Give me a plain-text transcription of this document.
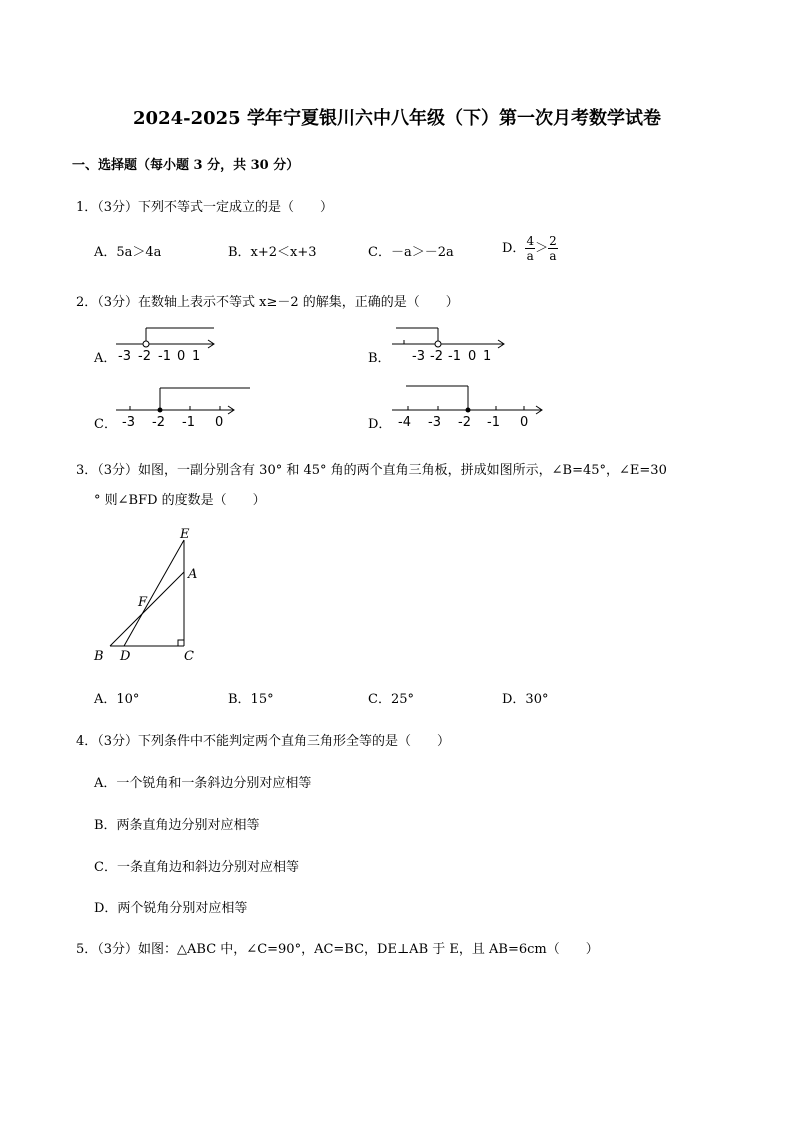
2024-2025 学年宁夏银川六中八年级（下）第一次月考数学试卷
一、选择题（每小题 3 分，共 30 分）
1．（3分）下列不等式一定成立的是（　　）
A．5a＞4a	B．x+2＜x+3	C．－a＞－2a	D． $\frac{4}{a} > \frac{2}{a}$
2．（3分）在数轴上表示不等式 x≥－2 的解集，正确的是（　　）
A． -3 -2 -1 0 1	B． -3 -2 -1 0 1
C． -3 -2 -1 0	D． -4 -3 -2 -1 0
3．（3分）如图，一副分别含有 30° 和 45° 角的两个直角三角板，拼成如图所示，∠B=45°，∠E=30
° 则∠BFD 的度数是（　　）
E
A
F
B D	C
A．10°	B．15°	C．25°	D．30°
4．（3分）下列条件中不能判定两个直角三角形全等的是（　　）
A．一个锐角和一条斜边分别对应相等
B．两条直角边分别对应相等
C．一条直角边和斜边分别对应相等
D．两个锐角分别对应相等
5．（3分）如图：△ABC 中，∠C=90°，AC=BC，DE⊥AB 于 E，且 AB=6cm（　　）
